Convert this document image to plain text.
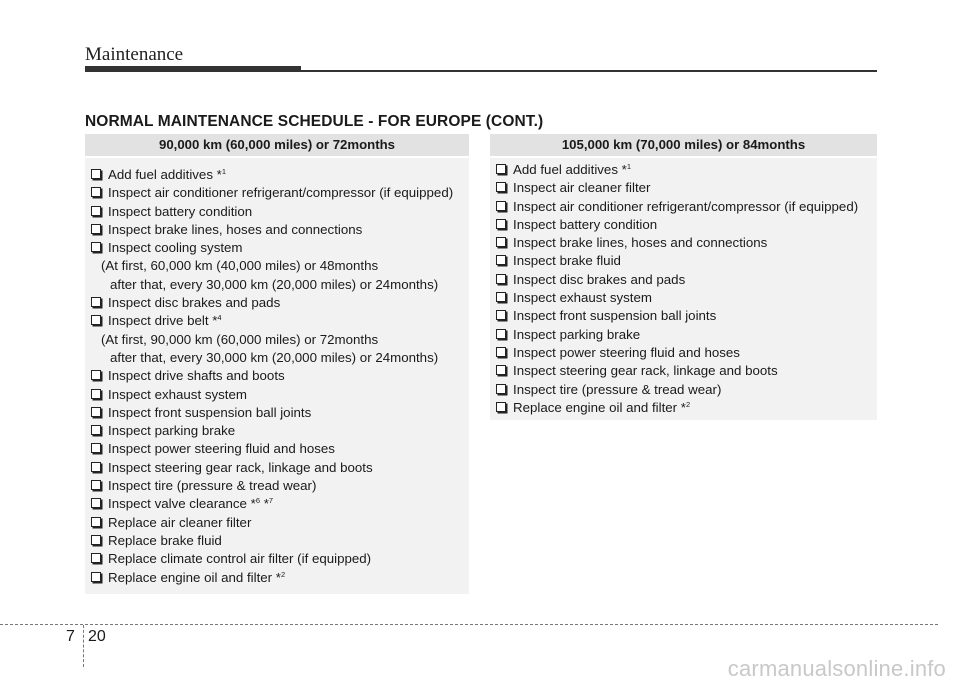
Maintenance
NORMAL MAINTENANCE SCHEDULE - FOR EUROPE (CONT.)
90,000 km (60,000 miles) or 72months
Add fuel additives *$^1$
Inspect air conditioner refrigerant/compressor (if equipped)
Inspect battery condition
Inspect brake lines, hoses and connections
Inspect cooling system
(At first, 60,000 km (40,000 miles) or 48months
after that, every 30,000 km (20,000 miles) or 24months)
Inspect disc brakes and pads
Inspect drive belt *$^4$
(At first, 90,000 km (60,000 miles) or 72months
after that, every 30,000 km (20,000 miles) or 24months)
Inspect drive shafts and boots
Inspect exhaust system
Inspect front suspension ball joints
Inspect parking brake
Inspect power steering fluid and hoses
Inspect steering gear rack, linkage and boots
Inspect tire (pressure & tread wear)
Inspect valve clearance *$^6$ *$^7$
Replace air cleaner filter
Replace brake fluid
Replace climate control air filter (if equipped)
Replace engine oil and filter *$^2$
105,000 km (70,000 miles) or 84months
Add fuel additives *$^1$
Inspect air cleaner filter
Inspect air conditioner refrigerant/compressor (if equipped)
Inspect battery condition
Inspect brake lines, hoses and connections
Inspect brake fluid
Inspect disc brakes and pads
Inspect exhaust system
Inspect front suspension ball joints
Inspect parking brake
Inspect power steering fluid and hoses
Inspect steering gear rack, linkage and boots
Inspect tire (pressure & tread wear)
Replace engine oil and filter *$^2$
7 20
carmanualsonline.info
